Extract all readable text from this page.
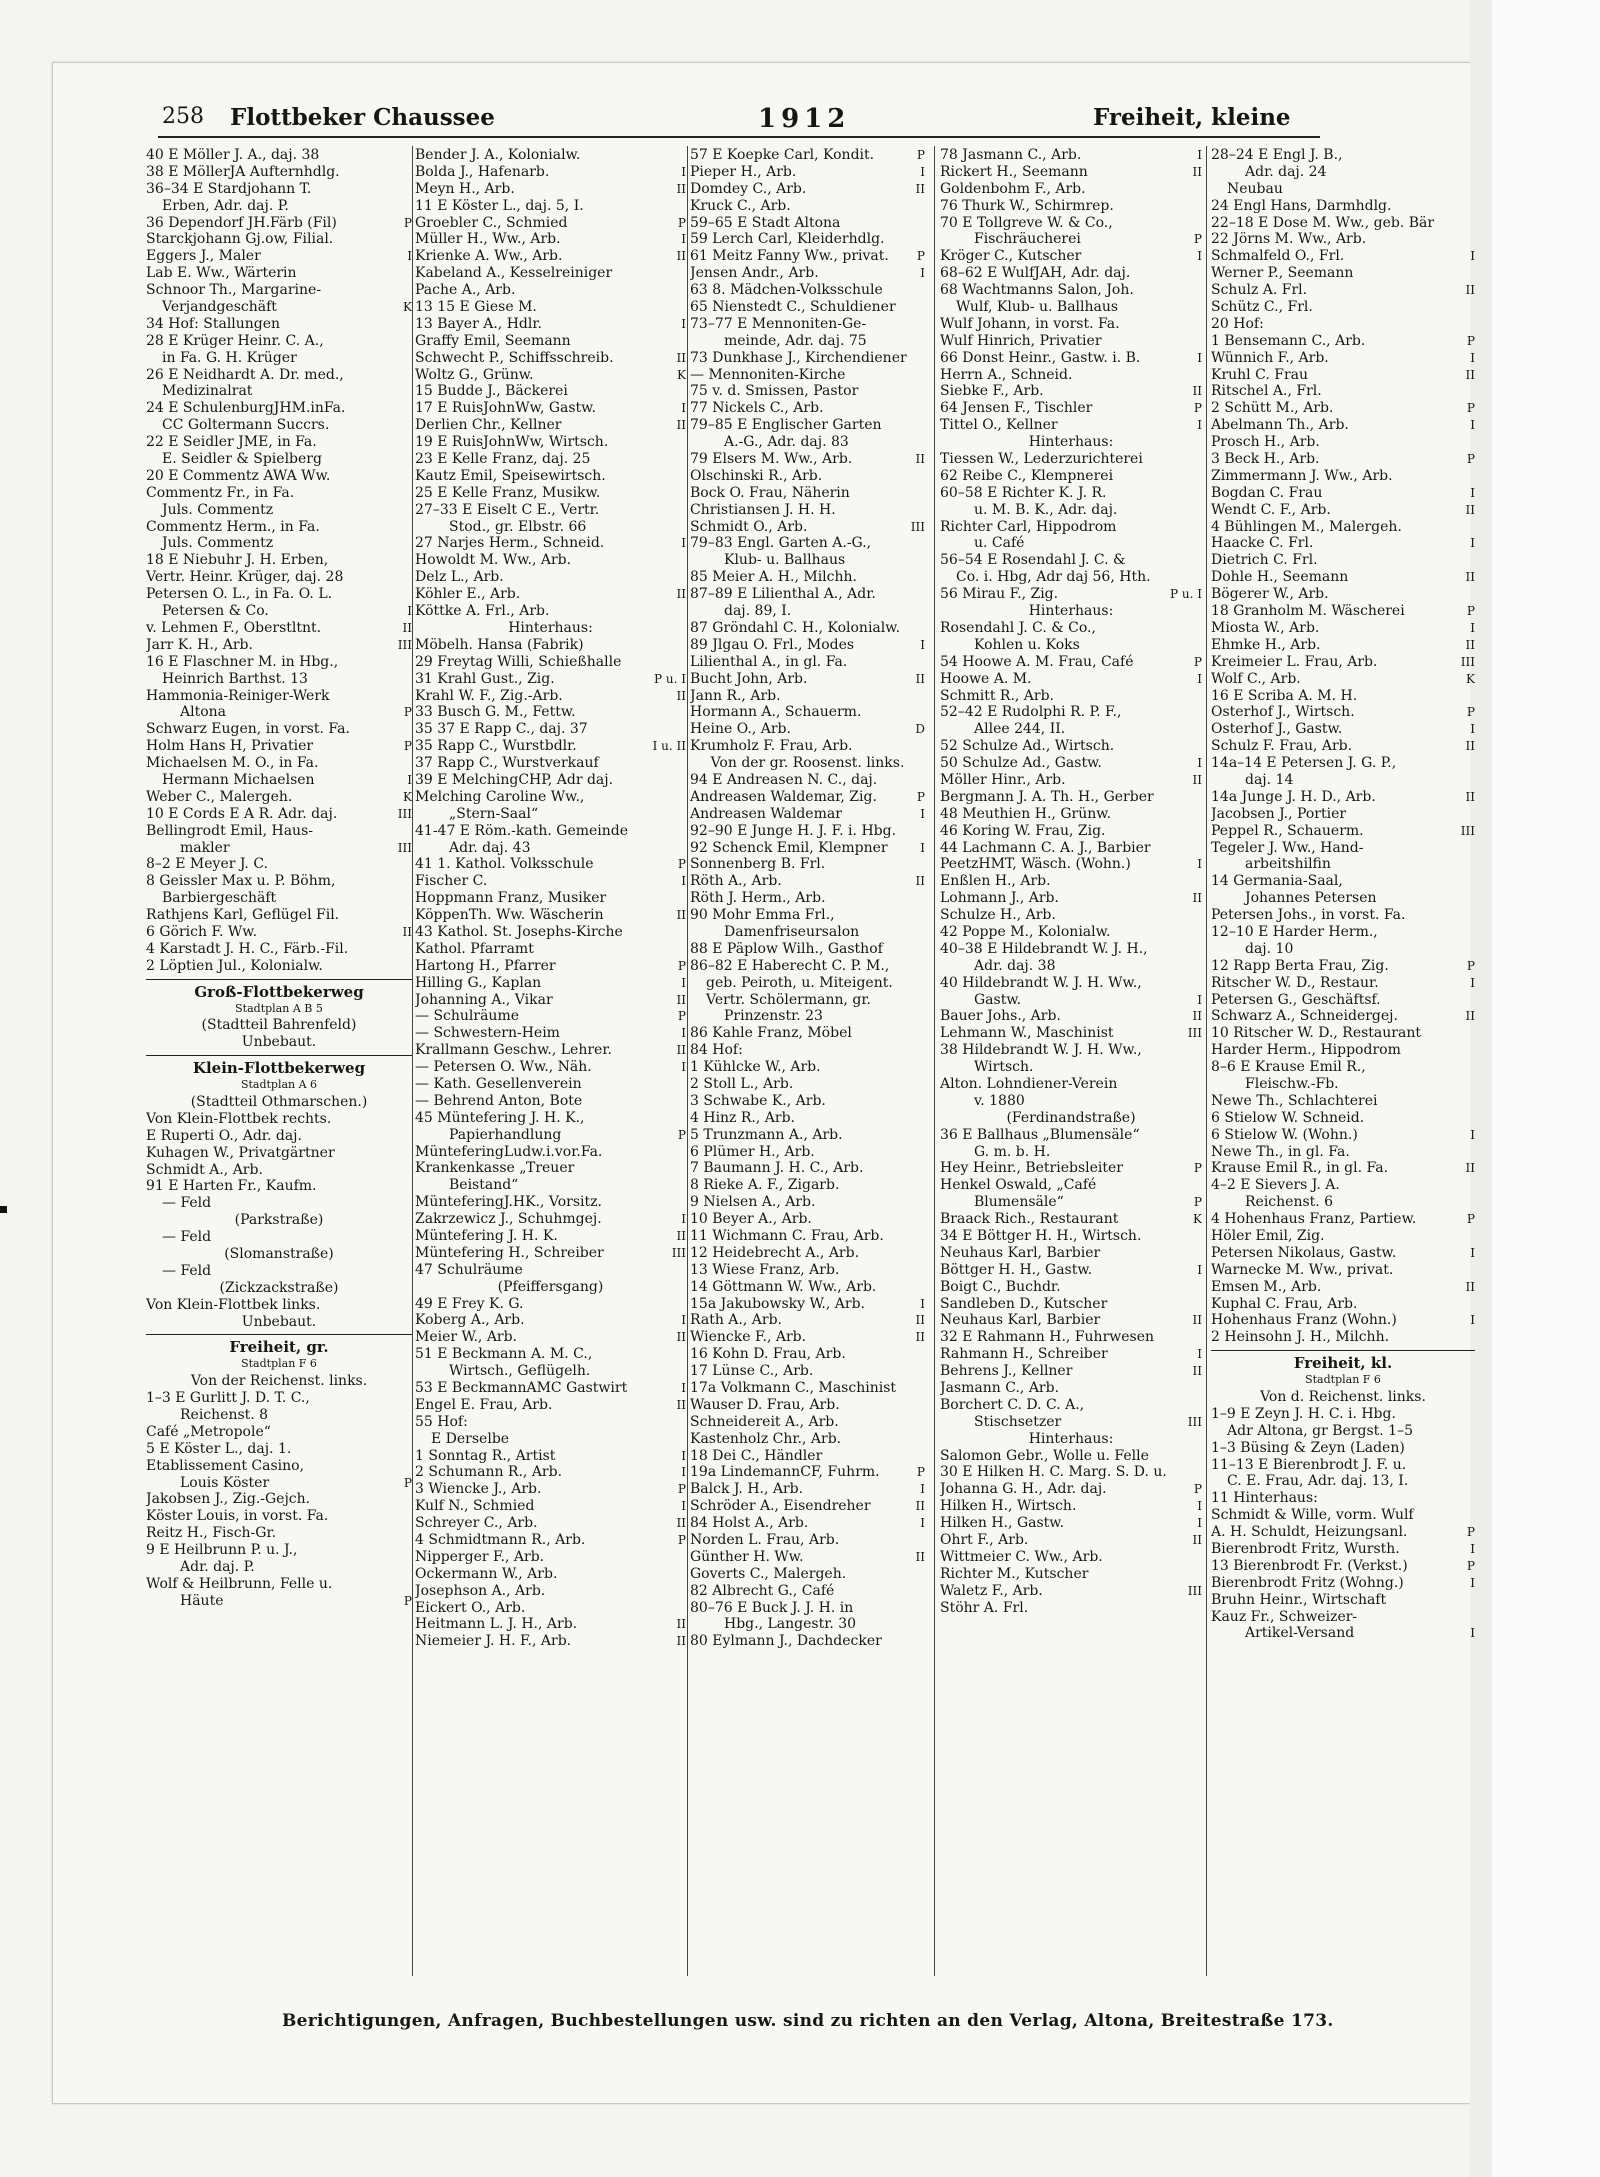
258 Flottbeker Chaussee	1912	Freiheit, kleine
40 E Möller J. A., daj. 38
38 E MöllerJA Aufternhdlg.
36–34 E Stardjohann T.
Erben, Adr. daj. P.
36 Dependorf JH.Färb (Fil)	P
Starckjohann Gj.ow, Filial.
Eggers J., Maler	I
Lab E. Ww., Wärterin
Schnoor Th., Margarine-
Verjandgeschäft	K
34 Hof: Stallungen
28 E Krüger Heinr. C. A.,
in Fa. G. H. Krüger
26 E Neidhardt A. Dr. med.,
Medizinalrat
24 E SchulenburgJHM.inFa.
CC Goltermann Succrs.
22 E Seidler JME, in Fa.
E. Seidler & Spielberg
20 E Commentz AWA Ww.
Commentz Fr., in Fa.
Juls. Commentz
Commentz Herm., in Fa.
Juls. Commentz
18 E Niebuhr J. H. Erben,
Vertr. Heinr. Krüger, daj. 28
Petersen O. L., in Fa. O. L.
Petersen & Co.	I
v. Lehmen F., Oberstltnt.	II
Jarr K. H., Arb.	III
16 E Flaschner M. in Hbg.,
Heinrich Barthst. 13
Hammonia-Reiniger-Werk
Altona	P
Schwarz Eugen, in vorst. Fa.
Holm Hans H, Privatier	P
Michaelsen M. O., in Fa.
Hermann Michaelsen	I
Weber C., Malergeh.	K
10 E Cords E A R. Adr. daj.	III
Bellingrodt Emil, Haus-
makler	III
8–2 E Meyer J. C.
8 Geissler Max u. P. Böhm,
Barbiergeschäft
Rathjens Karl, Geflügel Fil.
6 Görich F. Ww.	II
4 Karstadt J. H. C., Färb.-Fil.
2 Löptien Jul., Kolonialw.
Groß-Flottbekerweg
Stadtplan A B 5
(Stadtteil Bahrenfeld)
Unbebaut.
Klein-Flottbekerweg
Stadtplan A 6
(Stadtteil Othmarschen.)
Von Klein-Flottbek rechts.
E Ruperti O., Adr. daj.
Kuhagen W., Privatgärtner
Schmidt A., Arb.
91 E Harten Fr., Kaufm.
— Feld
(Parkstraße)
— Feld
(Slomanstraße)
— Feld
(Zickzackstraße)
Von Klein-Flottbek links.
Unbebaut.
Freiheit, gr.
Stadtplan F 6
Von der Reichenst. links.
1–3 E Gurlitt J. D. T. C.,
Reichenst. 8
Café „Metropole“
5 E Köster L., daj. 1.
Etablissement Casino,
Louis Köster	P
Jakobsen J., Zig.-Gejch.
Köster Louis, in vorst. Fa.
Reitz H., Fisch-Gr.
9 E Heilbrunn P. u. J.,
Adr. daj. P.
Wolf & Heilbrunn, Felle u.
Häute	P
Bender J. A., Kolonialw.
Bolda J., Hafenarb.	I
Meyn H., Arb.	II
11 E Köster L., daj. 5, I.
Groebler C., Schmied	P
Müller H., Ww., Arb.	I
Krienke A. Ww., Arb.	II
Kabeland A., Kesselreiniger
Pache A., Arb.
13 15 E Giese M.
13 Bayer A., Hdlr.	I
Graffy Emil, Seemann
Schwecht P., Schiffsschreib.	II
Woltz G., Grünw.	K
15 Budde J., Bäckerei
17 E RuisJohnWw, Gastw.	I
Derlien Chr., Kellner	II
19 E RuisJohnWw, Wirtsch.
23 E Kelle Franz, daj. 25
Kautz Emil, Speisewirtsch.
25 E Kelle Franz, Musikw.
27–33 E Eiselt C E., Vertr.
Stod., gr. Elbstr. 66
27 Narjes Herm., Schneid.	I
Howoldt M. Ww., Arb.
Delz L., Arb.
Köhler E., Arb.	II
Köttke A. Frl., Arb.
Hinterhaus:
Möbelh. Hansa (Fabrik)
29 Freytag Willi, Schießhalle
31 Krahl Gust., Zig.	P u. I
Krahl W. F., Zig.-Arb.	II
33 Busch G. M., Fettw.
35 37 E Rapp C., daj. 37
35 Rapp C., Wurstbdlr.	I u. II
37 Rapp C., Wurstverkauf
39 E MelchingCHP, Adr daj.
Melching Caroline Ww.,
„Stern-Saal“
41-47 E Röm.-kath. Gemeinde
Adr. daj. 43
41 1. Kathol. Volksschule	P
Fischer C.	I
Hoppmann Franz, Musiker
KöppenTh. Ww. Wäscherin	II
43 Kathol. St. Josephs-Kirche
Kathol. Pfarramt
Hartong H., Pfarrer	P
Hilling G., Kaplan	I
Johanning A., Vikar	II
— Schulräume	P
— Schwestern-Heim	I
Krallmann Geschw., Lehrer.	II
— Petersen O. Ww., Näh.	I
— Kath. Gesellenverein
— Behrend Anton, Bote
45 Müntefering J. H. K.,
Papierhandlung	P
MünteferingLudw.i.vor.Fa.
Krankenkasse „Treuer
Beistand“
MünteferingJ.HK., Vorsitz.
Zakrzewicz J., Schuhmgej.	I
Müntefering J. H. K.	II
Müntefering H., Schreiber	III
47 Schulräume
(Pfeiffersgang)
49 E Frey K. G.
Koberg A., Arb.	I
Meier W., Arb.	II
51 E Beckmann A. M. C.,
Wirtsch., Geflügelh.
53 E BeckmannAMC Gastwirt	I
Engel E. Frau, Arb.	II
55 Hof:
E Derselbe
1 Sonntag R., Artist	I
2 Schumann R., Arb.	I
3 Wiencke J., Arb.	P
Kulf N., Schmied	I
Schreyer C., Arb.	II
4 Schmidtmann R., Arb.	P
Nipperger F., Arb.
Ockermann W., Arb.
Josephson A., Arb.
Eickert O., Arb.
Heitmann L. J. H., Arb.	II
Niemeier J. H. F., Arb.	II
57 E Koepke Carl, Kondit.	P
Pieper H., Arb.	I
Domdey C., Arb.	II
Kruck C., Arb.
59–65 E Stadt Altona
59 Lerch Carl, Kleiderhdlg.
61 Meitz Fanny Ww., privat. P
Jensen Andr., Arb.	I
63 8. Mädchen-Volksschule
65 Nienstedt C., Schuldiener
73–77 E Mennoniten-Ge-
meinde, Adr. daj. 75
73 Dunkhase J., Kirchendiener
— Mennoniten-Kirche
75 v. d. Smissen, Pastor
77 Nickels C., Arb.
79–85 E Englischer Garten
A.-G., Adr. daj. 83
79 Elsers M. Ww., Arb.	II
Olschinski R., Arb.
Bock O. Frau, Näherin
Christiansen J. H. H.
Schmidt O., Arb.	III
79–83 Engl. Garten A.-G.,
Klub- u. Ballhaus
85 Meier A. H., Milchh.
87–89 E Lilienthal A., Adr.
daj. 89, I.
87 Gröndahl C. H., Kolonialw.
89 Jlgau O. Frl., Modes	I
Lilienthal A., in gl. Fa.
Bucht John, Arb.	II
Jann R., Arb.
Hormann A., Schauerm.
Heine O., Arb.	D
Krumholz F. Frau, Arb.
Von der gr. Roosenst. links.
94 E Andreasen N. C., daj.
Andreasen Waldemar, Zig.	P
Andreasen Waldemar	I
92–90 E Junge H. J. F. i. Hbg.
92 Schenck Emil, Klempner	I
Sonnenberg B. Frl.
Röth A., Arb.	II
Röth J. Herm., Arb.
90 Mohr Emma Frl.,
Damenfriseursalon
88 E Päplow Wilh., Gasthof
86–82 E Haberecht C. P. M.,
geb. Peiroth, u. Miteigent.
Vertr. Schölermann, gr.
Prinzenstr. 23
86 Kahle Franz, Möbel
84 Hof:
1 Kühlcke W., Arb.
2 Stoll L., Arb.
3 Schwabe K., Arb.
4 Hinz R., Arb.
5 Trunzmann A., Arb.
6 Plümer H., Arb.
7 Baumann J. H. C., Arb.
8 Rieke A. F., Zigarb.
9 Nielsen A., Arb.
10 Beyer A., Arb.
11 Wichmann C. Frau, Arb.
12 Heidebrecht A., Arb.
13 Wiese Franz, Arb.
14 Göttmann W. Ww., Arb.
15a Jakubowsky W., Arb.	I
Rath A., Arb.	II
Wiencke F., Arb.	II
16 Kohn D. Frau, Arb.
17 Lünse C., Arb.
17a Volkmann C., Maschinist
Wauser D. Frau, Arb.
Schneidereit A., Arb.
Kastenholz Chr., Arb.
18 Dei C., Händler
19a LindemannCF, Fuhrm.	P
Balck J. H., Arb.	I
Schröder A., Eisendreher	II
84 Holst A., Arb.	I
Norden L. Frau, Arb.
Günther H. Ww.	II
Goverts C., Malergeh.
82 Albrecht G., Café
80–76 E Buck J. J. H. in
Hbg., Langestr. 30
80 Eylmann J., Dachdecker
78 Jasmann C., Arb.	I
Rickert H., Seemann	II
Goldenbohm F., Arb.
76 Thurk W., Schirmrep.
70 E Tollgreve W. & Co.,
Fischräucherei	P
Kröger C., Kutscher	I
68–62 E WulfJAH, Adr. daj.
68 Wachtmanns Salon, Joh.
Wulf, Klub- u. Ballhaus
Wulf Johann, in vorst. Fa.
Wulf Hinrich, Privatier
66 Donst Heinr., Gastw. i. B.	I
Herrn A., Schneid.
Siebke F., Arb.	II
64 Jensen F., Tischler	P
Tittel O., Kellner	I
Hinterhaus:
Tiessen W., Lederzurichterei
62 Reibe C., Klempnerei
60–58 E Richter K. J. R.
u. M. B. K., Adr. daj.
Richter Carl, Hippodrom
u. Café
56–54 E Rosendahl J. C. &
Co. i. Hbg, Adr daj 56, Hth.
56 Mirau F., Zig.	P u. I
Hinterhaus:
Rosendahl J. C. & Co.,
Kohlen u. Koks
54 Hoowe A. M. Frau, Café	P
Hoowe A. M.	I
Schmitt R., Arb.
52–42 E Rudolphi R. P. F.,
Allee 244, II.
52 Schulze Ad., Wirtsch.
50 Schulze Ad., Gastw.	I
Möller Hinr., Arb.	II
Bergmann J. A. Th. H., Gerber
48 Meuthien H., Grünw.
46 Koring W. Frau, Zig.
44 Lachmann C. A. J., Barbier
PeetzHMT, Wäsch. (Wohn.)	I
Enßlen H., Arb.
Lohmann J., Arb.	II
Schulze H., Arb.
42 Poppe M., Kolonialw.
40–38 E Hildebrandt W. J. H.,
Adr. daj. 38
40 Hildebrandt W. J. H. Ww.,
Gastw.	I
Bauer Johs., Arb.	II
Lehmann W., Maschinist	III
38 Hildebrandt W. J. H. Ww.,
Wirtsch.
Alton. Lohndiener-Verein
v. 1880
(Ferdinandstraße)
36 E Ballhaus „Blumensäle“
G. m. b. H.
Hey Heinr., Betriebsleiter	P
Henkel Oswald, „Café
Blumensäle“	P
Braack Rich., Restaurant	K
34 E Böttger H. H., Wirtsch.
Neuhaus Karl, Barbier
Böttger H. H., Gastw.	I
Boigt C., Buchdr.
Sandleben D., Kutscher
Neuhaus Karl, Barbier	II
32 E Rahmann H., Fuhrwesen
Rahmann H., Schreiber	I
Behrens J., Kellner	II
Jasmann C., Arb.
Borchert C. D. C. A.,
Stischsetzer	III
Hinterhaus:
Salomon Gebr., Wolle u. Felle
30 E Hilken H. C. Marg. S. D. u.
Johanna G. H., Adr. daj.	P
Hilken H., Wirtsch.	I
Hilken H., Gastw.	I
Ohrt F., Arb.	II
Wittmeier C. Ww., Arb.
Richter M., Kutscher
Waletz F., Arb.	III
Stöhr A. Frl.
28–24 E Engl J. B.,
Adr. daj. 24
Neubau
24 Engl Hans, Darmhdlg.
22–18 E Dose M. Ww., geb. Bär
22 Jörns M. Ww., Arb.
Schmalfeld O., Frl.	I
Werner P., Seemann
Schulz A. Frl.	II
Schütz C., Frl.
20 Hof:
1 Bensemann C., Arb.	P
Wünnich F., Arb.	I
Kruhl C. Frau	II
Ritschel A., Frl.
2 Schütt M., Arb.	P
Abelmann Th., Arb.	I
Prosch H., Arb.
3 Beck H., Arb.	P
Zimmermann J. Ww., Arb.
Bogdan C. Frau	I
Wendt C. F., Arb.	II
4 Bühlingen M., Malergeh.
Haacke C. Frl.	I
Dietrich C. Frl.
Dohle H., Seemann	II
Bögerer W., Arb.
18 Granholm M. Wäscherei	P
Miosta W., Arb.	I
Ehmke H., Arb.	II
Kreimeier L. Frau, Arb.	III
Wolf C., Arb.	K
16 E Scriba A. M. H.
Osterhof J., Wirtsch.	P
Osterhof J., Gastw.	I
Schulz F. Frau, Arb.	II
14a–14 E Petersen J. G. P.,
daj. 14
14a Junge J. H. D., Arb.	II
Jacobsen J., Portier
Peppel R., Schauerm.	III
Tegeler J. Ww., Hand-
arbeitshilfin
14 Germania-Saal,
Johannes Petersen
Petersen Johs., in vorst. Fa.
12–10 E Harder Herm.,
daj. 10
12 Rapp Berta Frau, Zig.	P
Ritscher W. D., Restaur.	I
Petersen G., Geschäftsf.
Schwarz A., Schneidergej.	II
10 Ritscher W. D., Restaurant
Harder Herm., Hippodrom
8–6 E Krause Emil R.,
Fleischw.-Fb.
Newe Th., Schlachterei
6 Stielow W. Schneid.
6 Stielow W. (Wohn.)	I
Newe Th., in gl. Fa.
Krause Emil R., in gl. Fa.	II
4–2 E Sievers J. A.
Reichenst. 6
4 Hohenhaus Franz, Partiew.	P
Höler Emil, Zig.
Petersen Nikolaus, Gastw.	I
Warnecke M. Ww., privat.
Emsen M., Arb.	II
Kuphal C. Frau, Arb.
Hohenhaus Franz (Wohn.)	I
2 Heinsohn J. H., Milchh.
Freiheit, kl.
Stadtplan F 6
Von d. Reichenst. links.
1–9 E Zeyn J. H. C. i. Hbg.
Adr Altona, gr Bergst. 1–5
1–3 Büsing & Zeyn (Laden)
11–13 E Bierenbrodt J. F. u.
C. E. Frau, Adr. daj. 13, I.
11 Hinterhaus:
Schmidt & Wille, vorm. Wulf
A. H. Schuldt, Heizungsanl.	P
Bierenbrodt Fritz, Wursth.	I
13 Bierenbrodt Fr. (Verkst.)	P
Bierenbrodt Fritz (Wohng.)	I
Bruhn Heinr., Wirtschaft
Kauz Fr., Schweizer-
Artikel-Versand	I
Berichtigungen, Anfragen, Buchbestellungen usw. sind zu richten an den Verlag, Altona, Breitestraße 173.
